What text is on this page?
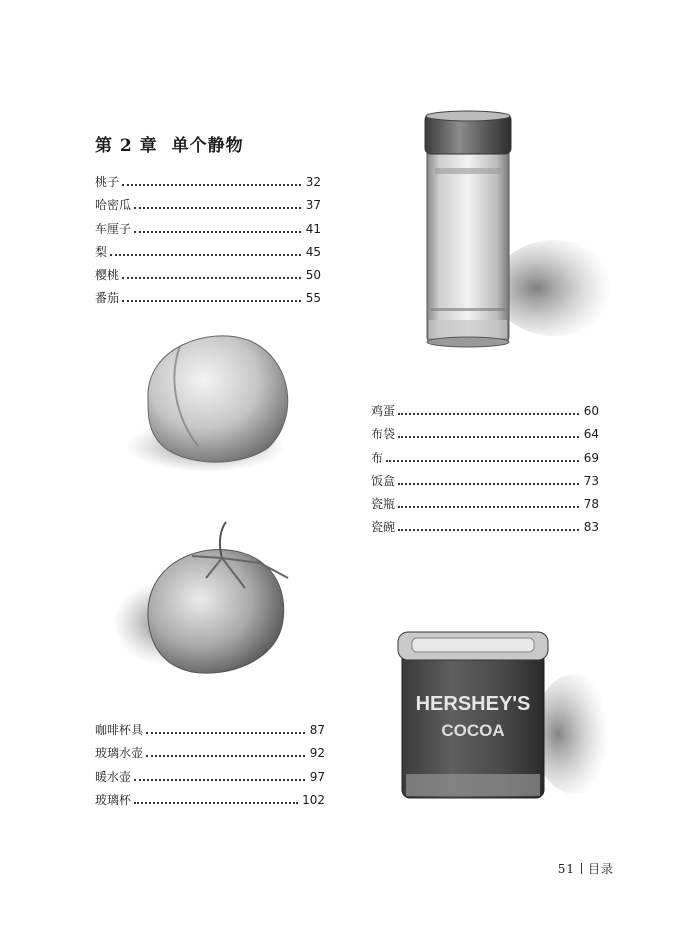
第 2 章 单个静物
桃子	32
哈密瓜	37
车厘子	41
梨	45
樱桃	50
番茄	55
鸡蛋	60
布袋	64
布	69
饭盒	73
瓷瓶	78
瓷碗	83
咖啡杯具	87
玻璃水壶	92
暖水壶	97
玻璃杯	102
HERSHEY'S
COCOA
51 目录
